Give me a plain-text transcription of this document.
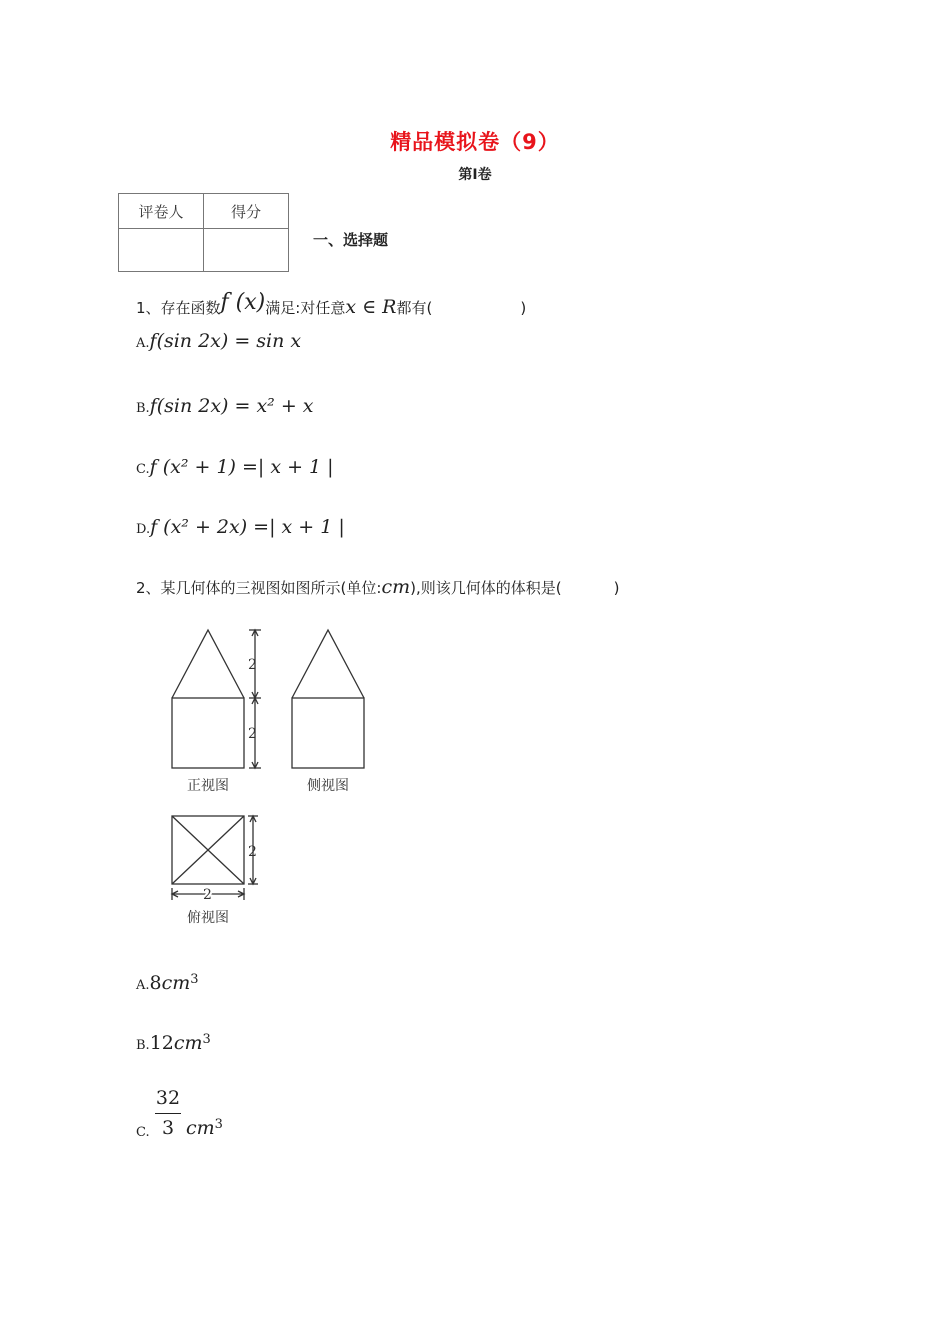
精品模拟卷（9）
第Ⅰ卷
评卷人	得分

一、选择题
1、存在函数f (x)满足:对任意x ∈ R都有(	)
A.f(sin 2x) = sin x
B.f(sin 2x) = x² + x
C.f (x² + 1) =| x + 1 |
D.f (x² + 2x) =| x + 1 |
2、某几何体的三视图如图所示(单位:cm),则该几何体的体积是(	)
2
2
2
2
正视图	侧视图
俯视图
$A.8cm^3$
$B.12cm^3$
C.
32
3 $cm^3$
